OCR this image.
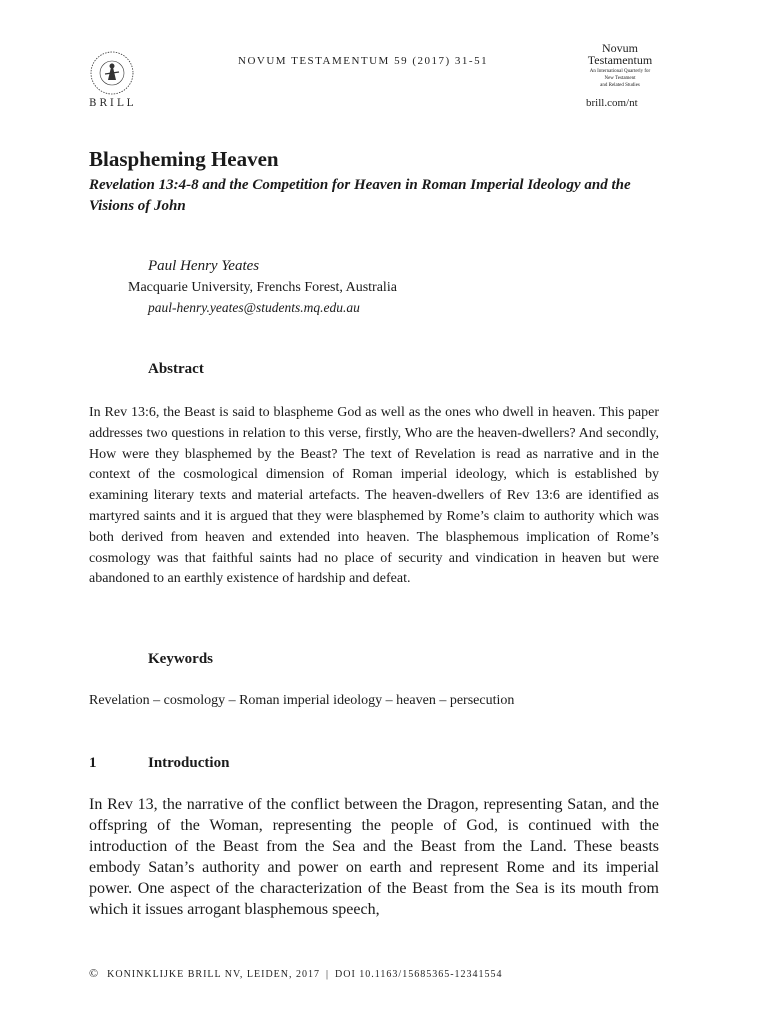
BRILL
NOVUM TESTAMENTUM 59 (2017) 31-51
Novum
Testamentum
An International Quarterly for
New Testament
and Related Studies
brill.com/nt
Blaspheming Heaven
Revelation 13:4-8 and the Competition for Heaven in Roman Imperial Ideology and the Visions of John
Paul Henry Yeates
Macquarie University, Frenchs Forest, Australia
paul-henry.yeates@students.mq.edu.au
Abstract
In Rev 13:6, the Beast is said to blaspheme God as well as the ones who dwell in heaven. This paper addresses two questions in relation to this verse, firstly, Who are the heaven-dwellers? And secondly, How were they blasphemed by the Beast? The text of Revelation is read as narrative and in the context of the cosmological dimension of Roman imperial ideology, which is established by examining literary texts and material artefacts. The heaven-dwellers of Rev 13:6 are identified as martyred saints and it is argued that they were blasphemed by Rome’s claim to authority which was both derived from heaven and extended into heaven. The blasphemous implication of Rome’s cosmology was that faithful saints had no place of security and vindication in heaven but were abandoned to an earthly existence of hardship and defeat.
Keywords
Revelation – cosmology – Roman imperial ideology – heaven – persecution
1	Introduction
In Rev 13, the narrative of the conflict between the Dragon, representing Satan, and the offspring of the Woman, representing the people of God, is continued with the introduction of the Beast from the Sea and the Beast from the Land. These beasts embody Satan’s authority and power on earth and represent Rome and its imperial power. One aspect of the characterization of the Beast from the Sea is its mouth from which it issues arrogant blasphemous speech,
© KONINKLIJKE BRILL NV, LEIDEN, 2017 | DOI 10.1163/15685365-12341554
